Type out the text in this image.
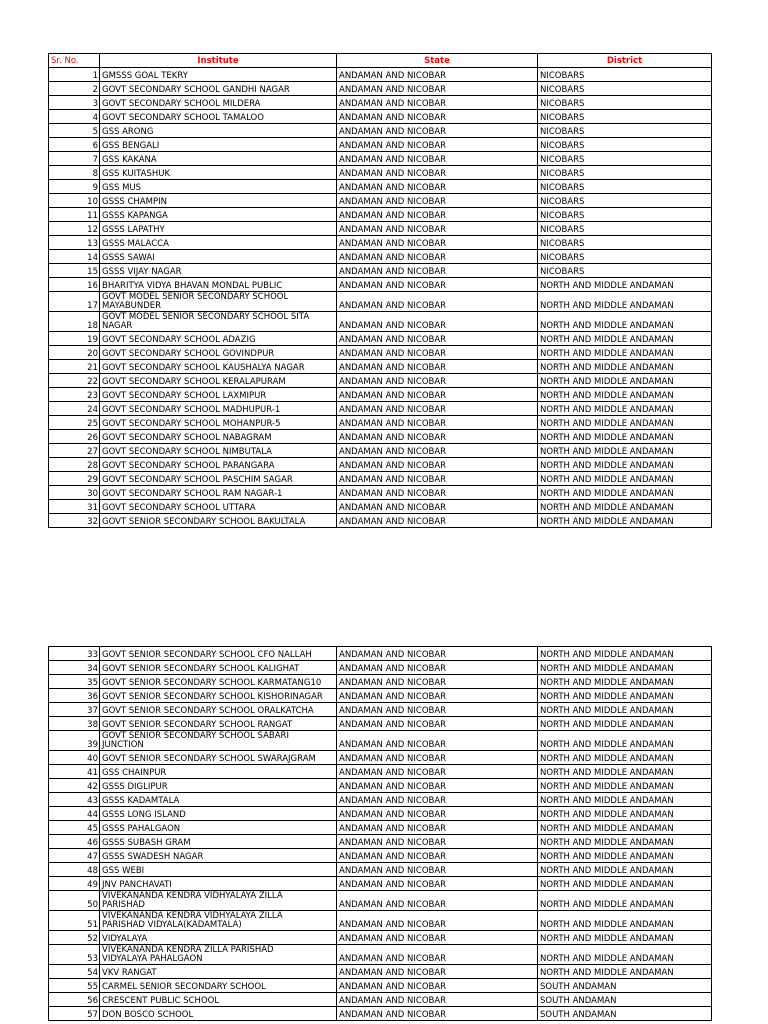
Sr. No.	Institute	State	District
1	GMSSS GOAL TEKRY	ANDAMAN AND NICOBAR	NICOBARS
2	GOVT SECONDARY SCHOOL GANDHI NAGAR	ANDAMAN AND NICOBAR	NICOBARS
3	GOVT SECONDARY SCHOOL MILDERA	ANDAMAN AND NICOBAR	NICOBARS
4	GOVT SECONDARY SCHOOL TAMALOO	ANDAMAN AND NICOBAR	NICOBARS
5	GSS ARONG	ANDAMAN AND NICOBAR	NICOBARS
6	GSS BENGALI	ANDAMAN AND NICOBAR	NICOBARS
7	GSS KAKANA	ANDAMAN AND NICOBAR	NICOBARS
8	GSS KUITASHUK	ANDAMAN AND NICOBAR	NICOBARS
9	GSS MUS	ANDAMAN AND NICOBAR	NICOBARS
10	GSSS CHAMPIN	ANDAMAN AND NICOBAR	NICOBARS
11	GSSS KAPANGA	ANDAMAN AND NICOBAR	NICOBARS
12	GSSS LAPATHY	ANDAMAN AND NICOBAR	NICOBARS
13	GSSS MALACCA	ANDAMAN AND NICOBAR	NICOBARS
14	GSSS SAWAI	ANDAMAN AND NICOBAR	NICOBARS
15	GSSS VIJAY NAGAR	ANDAMAN AND NICOBAR	NICOBARS
16	BHARITYA VIDYA BHAVAN MONDAL PUBLIC	ANDAMAN AND NICOBAR	NORTH AND MIDDLE ANDAMAN
17	GOVT MODEL SENIOR SECONDARY SCHOOL
MAYABUNDER	ANDAMAN AND NICOBAR	NORTH AND MIDDLE ANDAMAN
18	GOVT MODEL SENIOR SECONDARY SCHOOL SITA
NAGAR	ANDAMAN AND NICOBAR	NORTH AND MIDDLE ANDAMAN
19	GOVT SECONDARY SCHOOL ADAZIG	ANDAMAN AND NICOBAR	NORTH AND MIDDLE ANDAMAN
20	GOVT SECONDARY SCHOOL GOVINDPUR	ANDAMAN AND NICOBAR	NORTH AND MIDDLE ANDAMAN
21	GOVT SECONDARY SCHOOL KAUSHALYA NAGAR	ANDAMAN AND NICOBAR	NORTH AND MIDDLE ANDAMAN
22	GOVT SECONDARY SCHOOL KERALAPURAM	ANDAMAN AND NICOBAR	NORTH AND MIDDLE ANDAMAN
23	GOVT SECONDARY SCHOOL LAXMIPUR	ANDAMAN AND NICOBAR	NORTH AND MIDDLE ANDAMAN
24	GOVT SECONDARY SCHOOL MADHUPUR-1	ANDAMAN AND NICOBAR	NORTH AND MIDDLE ANDAMAN
25	GOVT SECONDARY SCHOOL MOHANPUR-5	ANDAMAN AND NICOBAR	NORTH AND MIDDLE ANDAMAN
26	GOVT SECONDARY SCHOOL NABAGRAM	ANDAMAN AND NICOBAR	NORTH AND MIDDLE ANDAMAN
27	GOVT SECONDARY SCHOOL NIMBUTALA	ANDAMAN AND NICOBAR	NORTH AND MIDDLE ANDAMAN
28	GOVT SECONDARY SCHOOL PARANGARA	ANDAMAN AND NICOBAR	NORTH AND MIDDLE ANDAMAN
29	GOVT SECONDARY SCHOOL PASCHIM SAGAR	ANDAMAN AND NICOBAR	NORTH AND MIDDLE ANDAMAN
30	GOVT SECONDARY SCHOOL RAM NAGAR-1	ANDAMAN AND NICOBAR	NORTH AND MIDDLE ANDAMAN
31	GOVT SECONDARY SCHOOL UTTARA	ANDAMAN AND NICOBAR	NORTH AND MIDDLE ANDAMAN
32	GOVT SENIOR SECONDARY SCHOOL BAKULTALA	ANDAMAN AND NICOBAR	NORTH AND MIDDLE ANDAMAN
33	GOVT SENIOR SECONDARY SCHOOL CFO NALLAH	ANDAMAN AND NICOBAR	NORTH AND MIDDLE ANDAMAN
34	GOVT SENIOR SECONDARY SCHOOL KALIGHAT	ANDAMAN AND NICOBAR	NORTH AND MIDDLE ANDAMAN
35	GOVT SENIOR SECONDARY SCHOOL KARMATANG10	ANDAMAN AND NICOBAR	NORTH AND MIDDLE ANDAMAN
36	GOVT SENIOR SECONDARY SCHOOL KISHORINAGAR	ANDAMAN AND NICOBAR	NORTH AND MIDDLE ANDAMAN
37	GOVT SENIOR SECONDARY SCHOOL ORALKATCHA	ANDAMAN AND NICOBAR	NORTH AND MIDDLE ANDAMAN
38	GOVT SENIOR SECONDARY SCHOOL RANGAT	ANDAMAN AND NICOBAR	NORTH AND MIDDLE ANDAMAN
39	GOVT SENIOR SECONDARY SCHOOL SABARI
JUNCTION	ANDAMAN AND NICOBAR	NORTH AND MIDDLE ANDAMAN
40	GOVT SENIOR SECONDARY SCHOOL SWARAJGRAM	ANDAMAN AND NICOBAR	NORTH AND MIDDLE ANDAMAN
41	GSS CHAINPUR	ANDAMAN AND NICOBAR	NORTH AND MIDDLE ANDAMAN
42	GSSS DIGLIPUR	ANDAMAN AND NICOBAR	NORTH AND MIDDLE ANDAMAN
43	GSSS KADAMTALA	ANDAMAN AND NICOBAR	NORTH AND MIDDLE ANDAMAN
44	GSSS LONG ISLAND	ANDAMAN AND NICOBAR	NORTH AND MIDDLE ANDAMAN
45	GSSS PAHALGAON	ANDAMAN AND NICOBAR	NORTH AND MIDDLE ANDAMAN
46	GSSS SUBASH GRAM	ANDAMAN AND NICOBAR	NORTH AND MIDDLE ANDAMAN
47	GSSS SWADESH NAGAR	ANDAMAN AND NICOBAR	NORTH AND MIDDLE ANDAMAN
48	GSS WEBI	ANDAMAN AND NICOBAR	NORTH AND MIDDLE ANDAMAN
49	JNV PANCHAVATI	ANDAMAN AND NICOBAR	NORTH AND MIDDLE ANDAMAN
50	VIVEKANANDA KENDRA VIDHYALAYA ZILLA
PARISHAD	ANDAMAN AND NICOBAR	NORTH AND MIDDLE ANDAMAN
51	VIVEKANANDA KENDRA VIDHYALAYA ZILLA
PARISHAD VIDYALA(KADAMTALA)	ANDAMAN AND NICOBAR	NORTH AND MIDDLE ANDAMAN
52	VIDYALAYA	ANDAMAN AND NICOBAR	NORTH AND MIDDLE ANDAMAN
53	VIVEKANANDA KENDRA ZILLA PARISHAD
VIDYALAYA PAHALGAON	ANDAMAN AND NICOBAR	NORTH AND MIDDLE ANDAMAN
54	VKV RANGAT	ANDAMAN AND NICOBAR	NORTH AND MIDDLE ANDAMAN
55	CARMEL SENIOR SECONDARY SCHOOL	ANDAMAN AND NICOBAR	SOUTH ANDAMAN
56	CRESCENT PUBLIC SCHOOL	ANDAMAN AND NICOBAR	SOUTH ANDAMAN
57	DON BOSCO SCHOOL	ANDAMAN AND NICOBAR	SOUTH ANDAMAN
